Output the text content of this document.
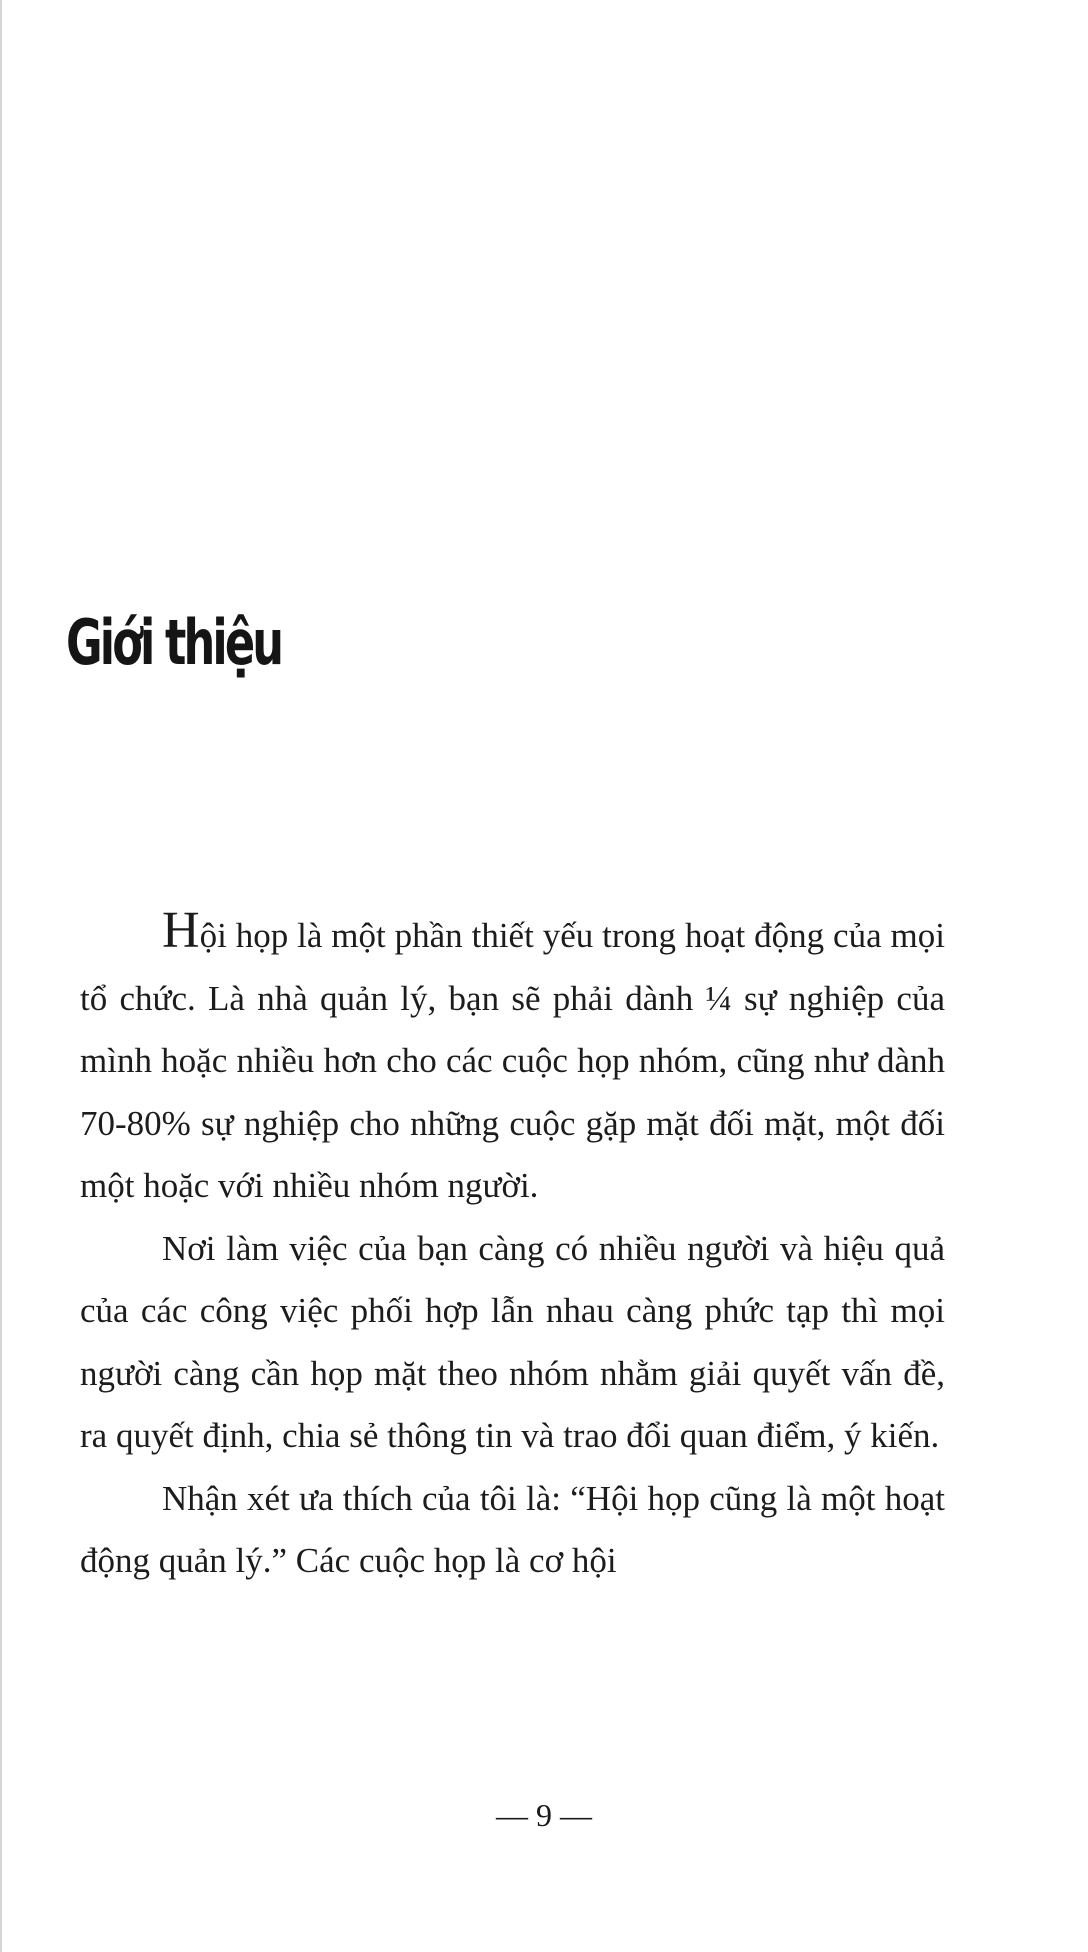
Giới thiệu

Hội họp là một phần thiết yếu trong hoạt động của mọi tổ chức. Là nhà quản lý, bạn sẽ phải dành ¼ sự nghiệp của mình hoặc nhiều hơn cho các cuộc họp nhóm, cũng như dành 70-80% sự nghiệp cho những cuộc gặp mặt đối mặt, một đối một hoặc với nhiều nhóm người.

Nơi làm việc của bạn càng có nhiều người và hiệu quả của các công việc phối hợp lẫn nhau càng phức tạp thì mọi người càng cần họp mặt theo nhóm nhằm giải quyết vấn đề, ra quyết định, chia sẻ thông tin và trao đổi quan điểm, ý kiến.

Nhận xét ưa thích của tôi là: “Hội họp cũng là một hoạt động quản lý.” Các cuộc họp là cơ hội

— 9 —
